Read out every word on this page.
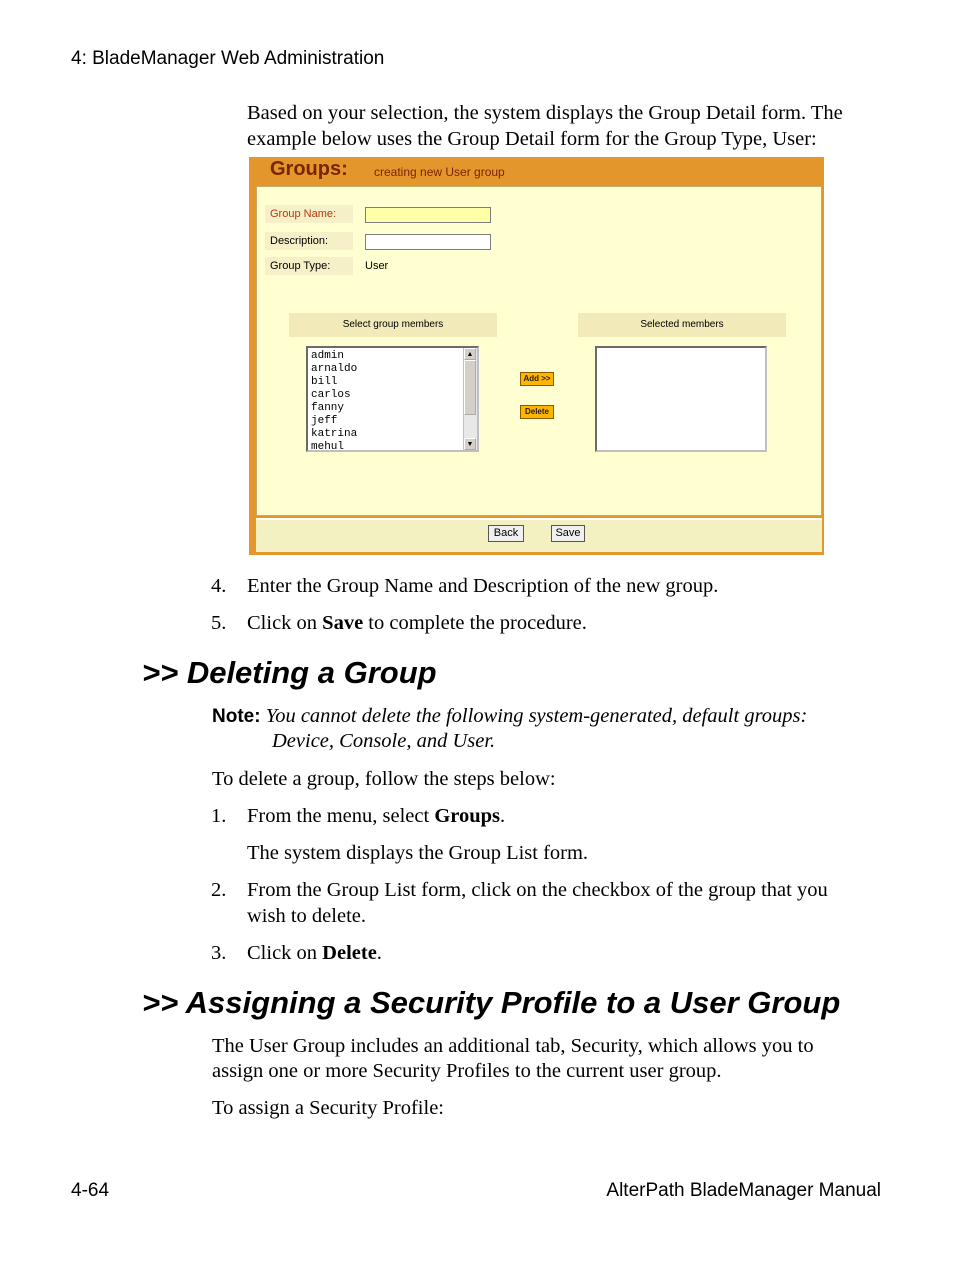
4: BladeManager Web Administration
Based on your selection, the system displays the Group Detail form. The example below uses the Group Detail form for the Group Type, User:
Groups: creating new User group
Group Name:
Description:
Group Type:	User
Select group members	Selected members
admin
arnaldo
bill
carlos
fanny
jeff
katrina
mehul
▲
▼
Add >>
Delete
Back	Save
4.	Enter the Group Name and Description of the new group.
5.	Click on Save to complete the procedure.
>> Deleting a Group
Note: You cannot delete the following system-generated, default groups:
Device, Console, and User.
To delete a group, follow the steps below:
1.	From the menu, select Groups.
The system displays the Group List form.
2.	From the Group List form, click on the checkbox of the group that you
wish to delete.
3.	Click on Delete.
>> Assigning a Security Profile to a User Group
The User Group includes an additional tab, Security, which allows you to
assign one or more Security Profiles to the current user group.
To assign a Security Profile:
4-64	AlterPath BladeManager Manual
